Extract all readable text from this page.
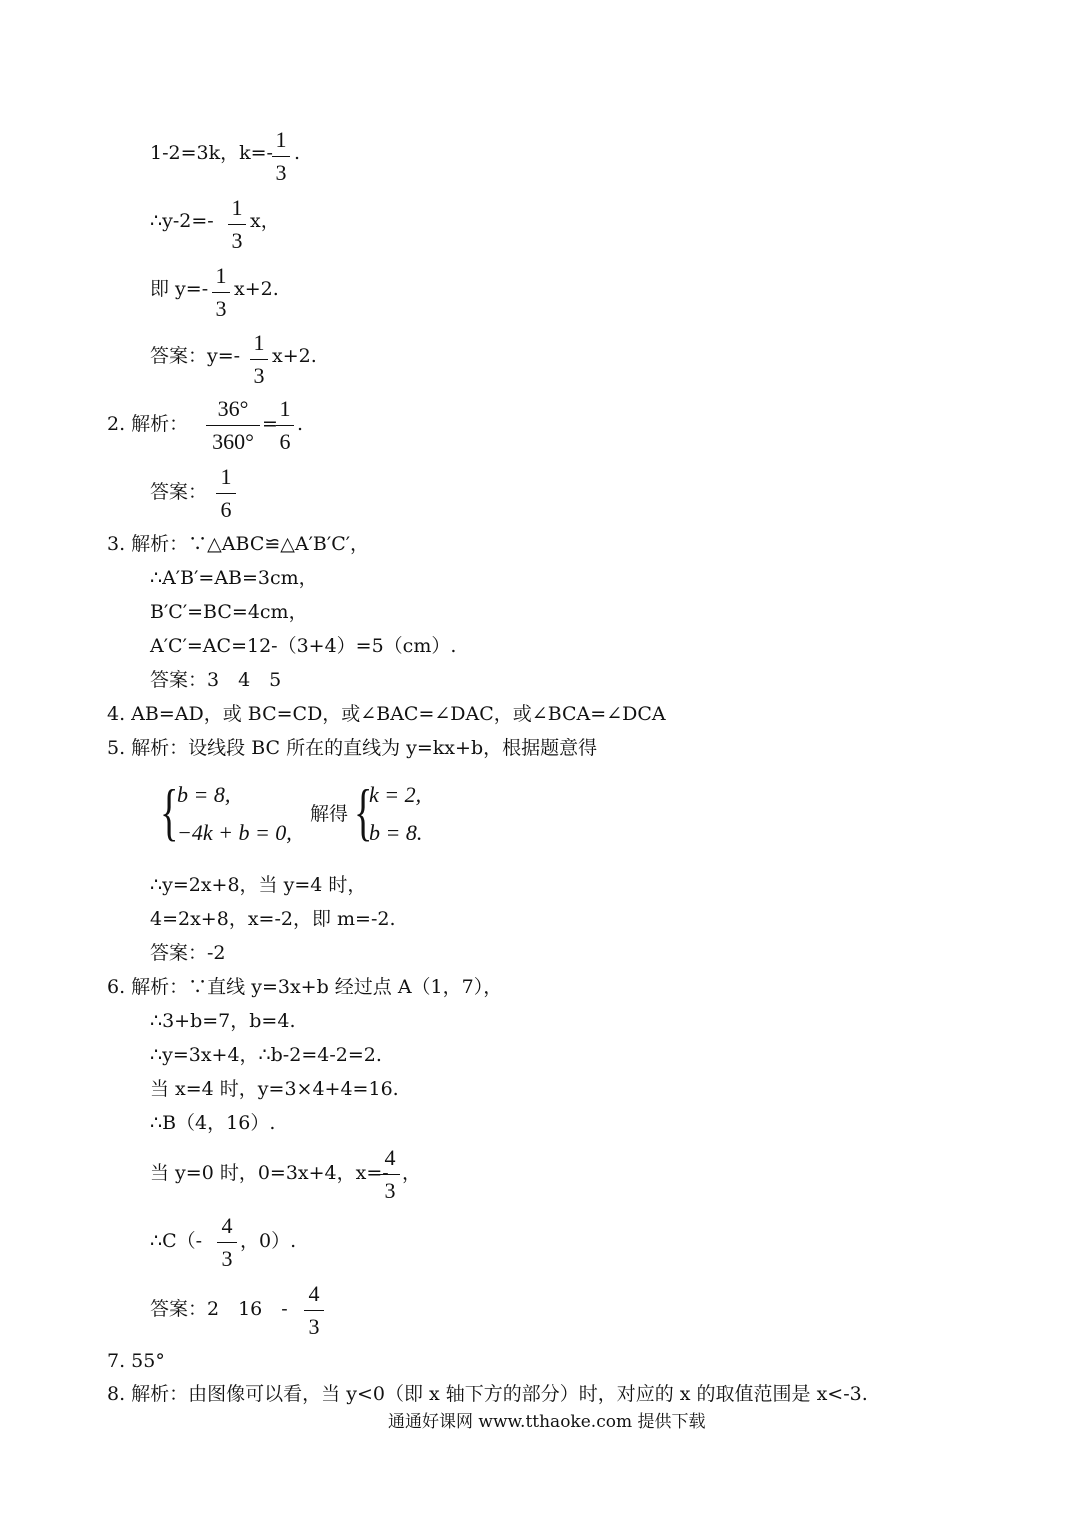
1-2=3k，k=-
1
3
.
∴y-2=-
1
3
x，
即 y=-
1
3
x+2.
答案：y=-
1
3
x+2.
2. 解析：
36°
360°
=
1
6
.
答案：
1
6
3. 解析：∵△ABC≌△A′B′C′，
∴A′B′=AB=3cm，
B′C′=BC=4cm，
A′C′=AC=12-（3+4）=5（cm）.
答案：3　4　5
4. AB=AD，或 BC=CD，或∠BAC=∠DAC，或∠BCA=∠DCA
5. 解析：设线段 BC 所在的直线为 y=kx+b，根据题意得
{
b = 8,
−4k + b = 0,
解得 {
k = 2,
b = 8.
∴y=2x+8，当 y=4 时，
4=2x+8，x=-2，即 m=-2.
答案：-2
6. 解析：∵直线 y=3x+b 经过点 A（1，7），
∴3+b=7，b=4.
∴y=3x+4，∴b-2=4-2=2.
当 x=4 时，y=3×4+4=16.
∴B（4，16）.
当 y=0 时，0=3x+4，x=-
4
3
，
∴C（-
4
3
，0）.
答案：2　16　-
4
3
7. 55°
8. 解析：由图像可以看，当 y<0（即 x 轴下方的部分）时，对应的 x 的取值范围是 x<-3.
通通好课网 www.tthaoke.com 提供下载
